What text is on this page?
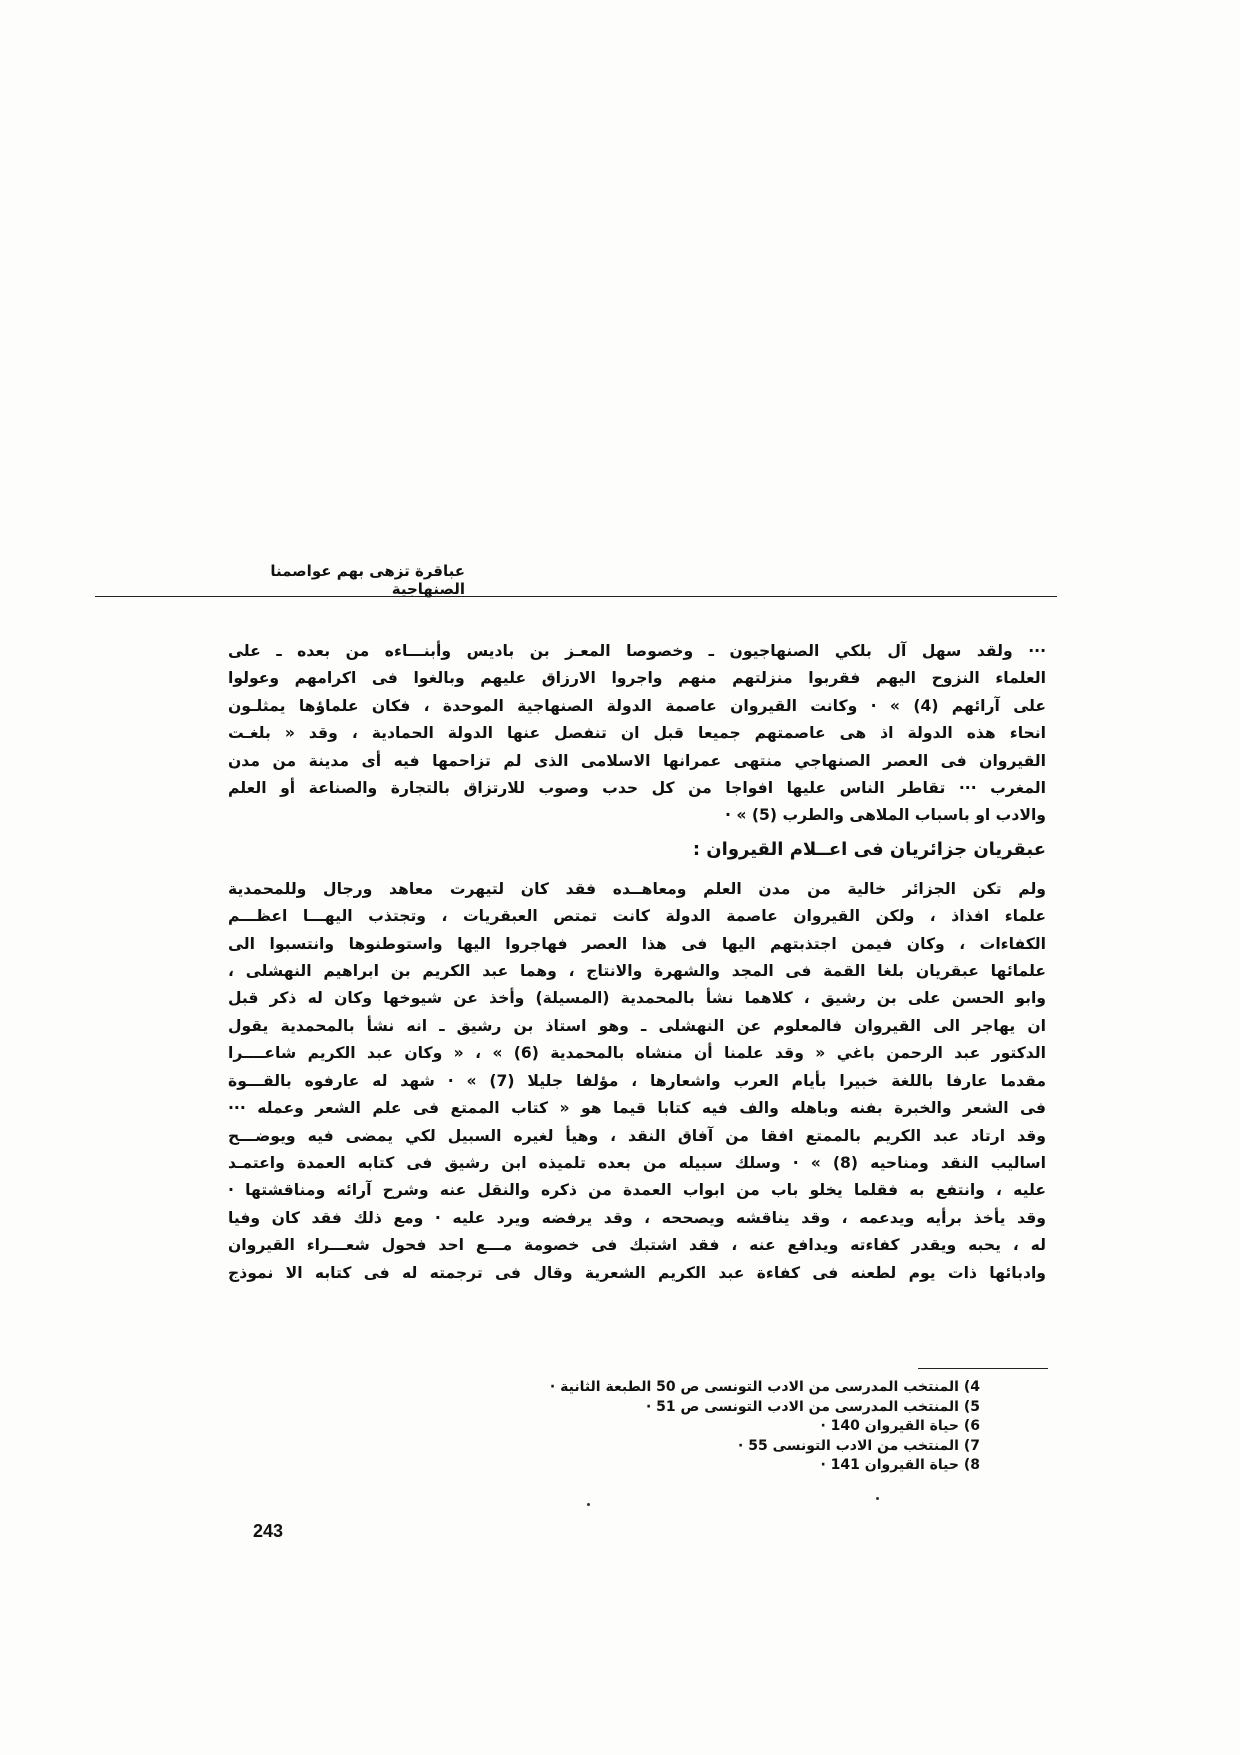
عباقرة تزهى بهم عواصمنا الصنهاجية

··· ولقد سهل آل بلكي الصنهاجيون ـ وخصوصا المعـز بن باديس وأبنـــاءه من بعده ـ على
العلماء النزوح اليهم فقربوا منزلتهم منهم واجروا الارزاق عليهم وبالغوا فى اكرامهم وعولوا
على آرائهم (4) » · وكانت القيروان عاصمة الدولة الصنهاجية الموحدة ، فكان علماؤها يمثلـون
انحاء هذه الدولة اذ هى عاصمتهم جميعا قبل ان تنفصل عنها الدولة الحمادية ، وقد « بلغـت
القيروان فى العصر الصنهاجي منتهى عمرانها الاسلامى الذى لم تزاحمها فيه أى مدينة من مدن
المغرب ··· تقاطر الناس عليها افواجا من كل حدب وصوب للارتزاق بالتجارة والصناعة أو العلم
والادب او باسباب الملاهى والطرب (5) » ·

عبقريان جزائريان فى اعــلام القيروان :

ولم تكن الجزائر خالية من مدن العلم ومعاهــده فقد كان لتيهرت معاهد ورجال وللمحمدية
علماء افذاذ ، ولكن القيروان عاصمة الدولة كانت تمتص العبقريات ، وتجتذب اليهـــا اعظـــم
الكفاءات ، وكان فيمن اجتذبتهم اليها فى هذا العصر فهاجروا اليها واستوطنوها وانتسبوا الى
علمائها عبقريان بلغا القمة فى المجد والشهرة والانتاج ، وهما عبد الكريم بن ابراهيم النهشلى ،
وابو الحسن على بن رشيق ، كلاهما نشأ بالمحمدية (المسيلة) وأخذ عن شيوخها وكان له ذكر قبل
ان يهاجر الى القيروان فالمعلوم عن النهشلى ـ وهو استاذ بن رشيق ـ انه نشأ بالمحمدية يقول
الدكتور عبد الرحمن باغي « وقد علمنا أن منشاه بالمحمدية (6) » ، « وكان عبد الكريم شاعــــرا
مقدما عارفا باللغة خبيرا بأيام العرب واشعارها ، مؤلفا جليلا (7) » · شهد له عارفوه بالقـــوة
فى الشعر والخبرة بفنه وباهله والف فيه كتابا قيما هو « كتاب الممتع فى علم الشعر وعمله ···
وقد ارتاد عبد الكريم بالممتع افقا من آفاق النقد ، وهيأ لغيره السبيل لكي يمضى فيه ويوضـــح
اساليب النقد ومناحيه (8) » · وسلك سبيله من بعده تلميذه ابن رشيق فى كتابه العمدة واعتمـد
عليه ، وانتفع به فقلما يخلو باب من ابواب العمدة من ذكره والنقل عنه وشرح آرائه ومناقشتها ·
وقد يأخذ برأيه ويدعمه ، وقد يناقشه ويصححه ، وقد يرفضه ويرد عليه · ومع ذلك فقد كان وفيا
له ، يحبه ويقدر كفاءته ويدافع عنه ، فقد اشتبك فى خصومة مـــع احد فحول شعـــراء القيروان
وادبائها ذات يوم لطعنه فى كفاءة عبد الكريم الشعرية وقال فى ترجمته له فى كتابه الا نموذج

4) المنتخب المدرسى من الادب التونسى ص 50 الطبعة الثانية ·
5) المنتخب المدرسى من الادب التونسى ص 51 ·
6) حياة القيروان 140 ·
7) المنتخب من الادب التونسى 55 ·
8) حياة القيروان 141 ·
243
